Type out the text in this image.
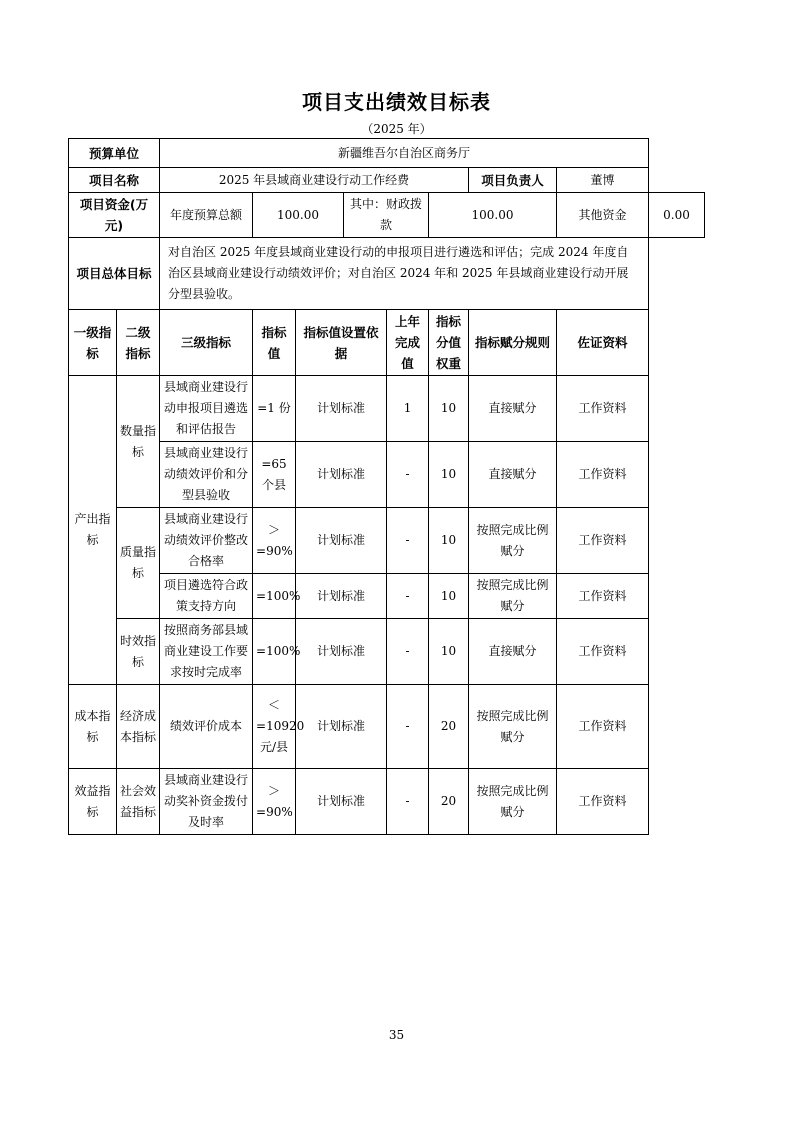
项目支出绩效目标表
（2025 年）
预算单位		新疆维吾尔自治区商务厅								
项目名称		2025 年县域商业建设行动工作经费						项目负责人	董博	
项目资金(万元)		年度预算总额	100.00		其中：财政拨款		100.00		其他资金	0.00
项目总体目标		对自治区 2025 年度县域商业建设行动的申报项目进行遴选和评估；完成 2024 年度自治区县域商业建设行动绩效评价；对自治区 2024 年和 2025 年县域商业建设行动开展分型县验收。								
一级指标	二级指标	三级指标	指标值	指标值设置依据		上年完成值	指标分值权重	指标赋分规则	佐证资料	
产出指标	数量指标	县域商业建设行动申报项目遴选和评估报告	=1 份	计划标准		1	10	直接赋分	工作资料	
		县域商业建设行动绩效评价和分型县验收	=65 个县	计划标准		-	10	直接赋分	工作资料	
	质量指标	县域商业建设行动绩效评价整改合格率	＞=90%	计划标准		-	10	按照完成比例赋分	工作资料	
		项目遴选符合政策支持方向	=100%	计划标准		-	10	按照完成比例赋分	工作资料	
	时效指标	按照商务部县域商业建设工作要求按时完成率	=100%	计划标准		-	10	直接赋分	工作资料	
成本指标	经济成本指标	绩效评价成本	＜=10920 元/县	计划标准		-	20	按照完成比例赋分	工作资料	
效益指标	社会效益指标	县域商业建设行动奖补资金拨付及时率	＞=90%	计划标准		-	20	按照完成比例赋分	工作资料	
35
